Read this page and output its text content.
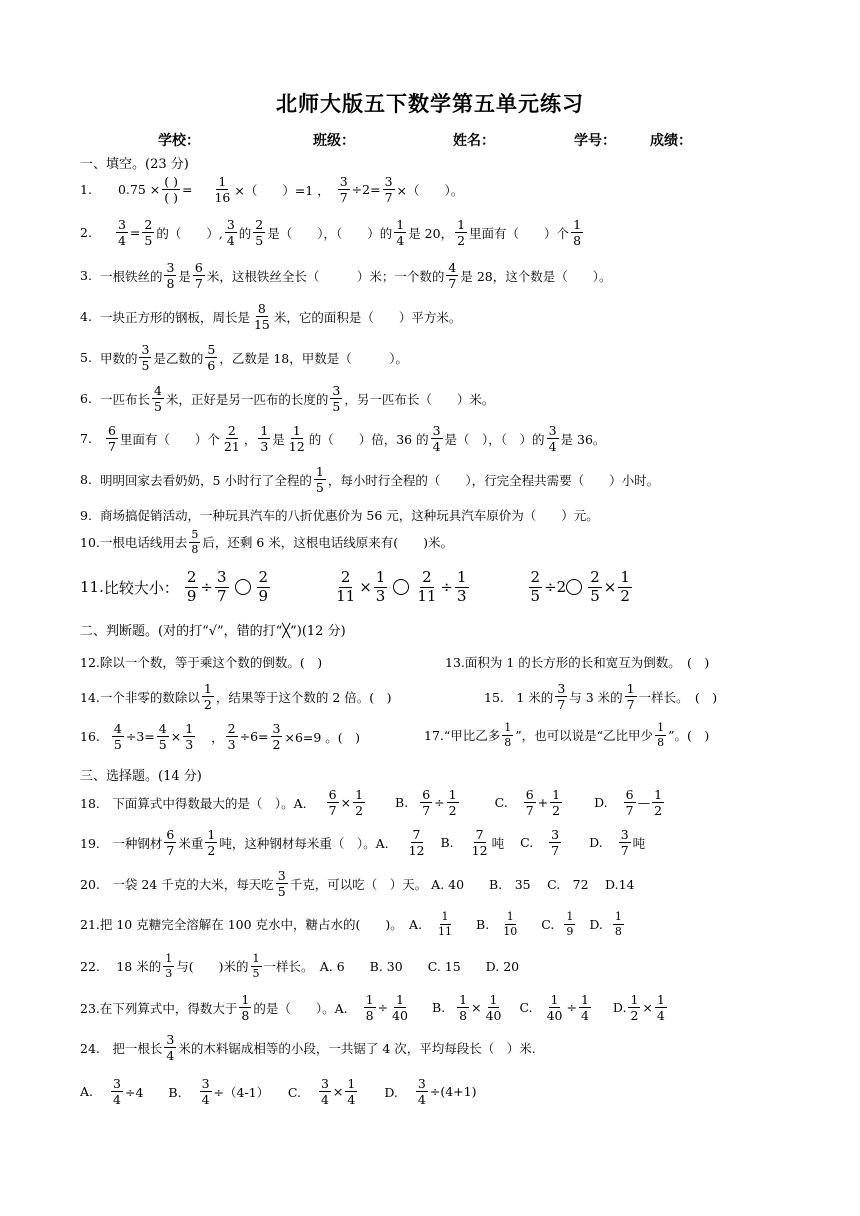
北师大版五下数学第五单元练习
学校：	班级：	姓名：	学号： 成绩：
一、填空。(23 分)
1. 0.75 ×
( )
( )
= $\frac{1}{16}$ ×（　　）=1 ， $\frac{3}{7} \div 2= \frac{3}{7}$ ×（　　）。
2. $\frac{3}{4} = \frac{2}{5}$ 的（　　）,
3
4 的
2
5 是（　　），（　　）的
1
4 是 20，
1
2 里面有（　　）个
1
8
3. 一根铁丝的
3
8 是
6
7 米，这根铁丝全长（　　　）米；一个数的
4
7 是 28，这个数是（　　）。
4. 一块正方形的钢板，周长是
8
15 米，它的面积是（　　）平方米。
5. 甲数的
3
5 是乙数的
5
6 ，乙数是 18，甲数是（　　　）。
6. 一匹布长
4
5 米，正好是另一匹布的长度的
3
5 ，另一匹布长（　　）米。
7.
6
7 里面有（　　）个
2
21 ，
1
3 是
1
12 的（　　）倍，36 的
3
4 是（　），（　）的
3
4 是 36。
8. 明明回家去看奶奶，5 小时行了全程的
1
5 ，每小时行全程的（　　），行完全程共需要（　　）小时。
9. 商场搞促销活动，一种玩具汽车的八折优惠价为 56 元，这种玩具汽车原价为（　　）元。
10. 一根电话线用去
5
8 后，还剩 6 米，这根电话线原来有(　　)米。
11. 比较大小： $\frac{2}{9} \div \frac{3}{7} 2$
9	$\frac{2}{11} \times \frac{1}{3} \frac{2}{11} \div \frac{1}{3}$	$\frac{2}{5} \div 2 \frac{2}{5} \times \frac{1}{2}$
二、判断题。(对的打“√”，错的打“╳”)(12 分)
12.除以一个数，等于乘这个数的倒数。(　)	13.面积为 1 的长方形的长和宽互为倒数。　(　)
14.一个非零的数除以
1
2 ，结果等于这个数的 2 倍。(　)	15.　1 米的
3
7 与 3 米的
1
7 一样长。　(　)
16. $\frac{4}{5} \div 3= \frac{4}{5} \times \frac{1}{3}$ ， $\frac{2}{3} \div 6= \frac{3}{2} \times 6=9$ 。(　)	17.“甲比乙多
1
8 ”，也可以说是“乙比甲少
1
8 ”。(　)
三、选择题。(14 分)
18.　下面算式中得数最大的是（　）。A. $\frac{6}{7} \times \frac{1}{2} B$. $\frac{6}{7} \div \frac{1}{2}$	C.
6
7
+ $\frac{1}{2}$	D.
6
7
—
1
2
19.　一种钢材
6
7 米重
1
2 吨，这种钢材每米重（　）。A.
7
12
B.
7
12 吨 C.
3
7
D.
3
7 吨
20.　一袋 24 千克的大米，每天吃
3
5 千克，可以吃（　）天。 A. 40　　B.　35　 C.　72　 D.14
21.把 10 克糖完全溶解在 100 克水中，糖占水的(　　)。　A.
1
11 B.
1
10 C.
1
9 D.
1
8
22.　 18 米的
1
3 与(　　)米的
1
5 一样长。　A. 6　　B. 30　　C. 15　　D. 20
23.在下列算式中，得数大于
1
8 的是（　　）。A. $\frac{1}{8} \div \frac{1}{40} B$. $\frac{1}{8} \times \frac{1}{40} C$. $\frac{1}{40} \div \frac{1}{4} D$. $\frac{1}{2} \times \frac{1}{4}$
24.　把一根长
3
4 米的木料锯成相等的小段，一共锯了 4 次，平均每段长（　）米.
A. $\frac{3}{4} \div 4$　　B. $\frac{3}{4} \div(4-1)$　　C. $\frac{3}{4} \times \frac{1}{4}$ 　　D. $\frac{3}{4} \div(4+1)$
